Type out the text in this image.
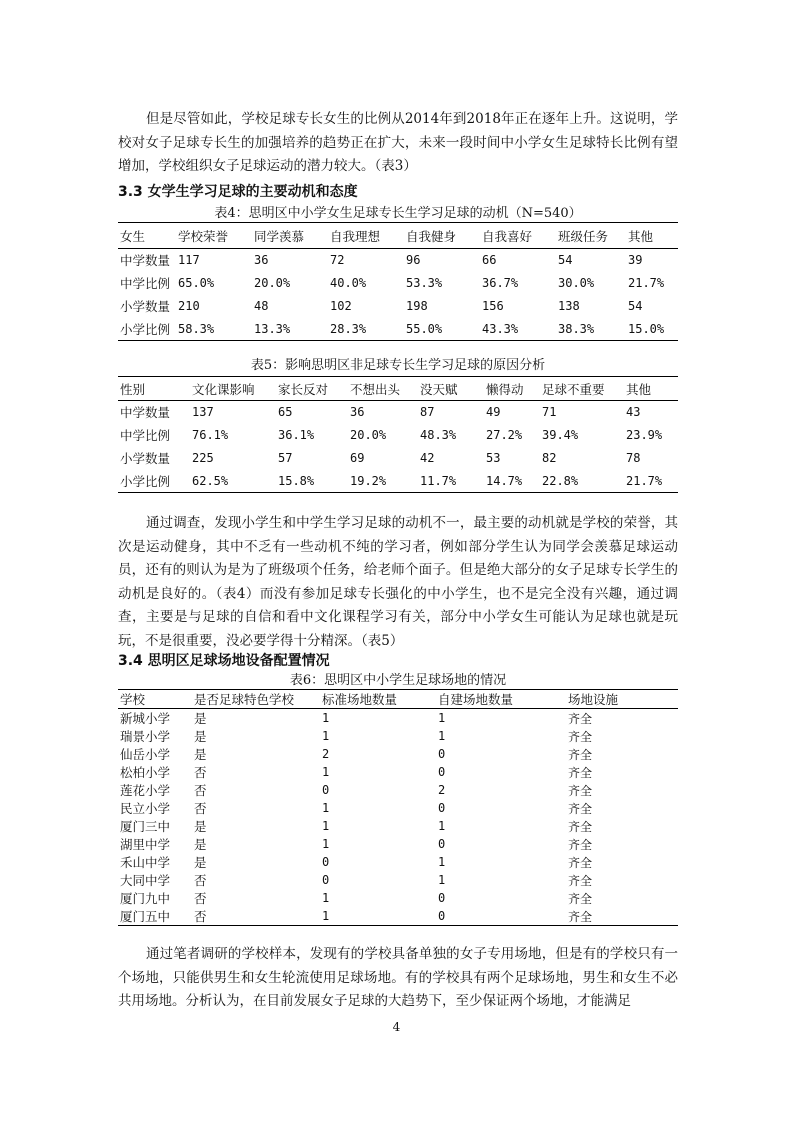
但是尽管如此，学校足球专长女生的比例从2014年到2018年正在逐年上升。这说明，学校对女子足球专长生的加强培养的趋势正在扩大，未来一段时间中小学女生足球特长比例有望增加，学校组织女子足球运动的潜力较大。（表3）

3.3 女学生学习足球的主要动机和态度

表4：思明区中小学女生足球专长生学习足球的动机（N=540）

女生	学校荣誉	同学羡慕	自我理想	自我健身	自我喜好	班级任务	其他
中学数量	117	36	72	96	66	54	39
中学比例	65.0%	20.0%	40.0%	53.3%	36.7%	30.0%	21.7%
小学数量	210	48	102	198	156	138	54
小学比例	58.3%	13.3%	28.3%	55.0%	43.3%	38.3%	15.0%

表5：影响思明区非足球专长生学习足球的原因分析

性别	文化课影响	家长反对	不想出头	没天赋	懒得动	足球不重要	其他
中学数量	137	65	36	87	49	71	43
中学比例	76.1%	36.1%	20.0%	48.3%	27.2%	39.4%	23.9%
小学数量	225	57	69	42	53	82	78
小学比例	62.5%	15.8%	19.2%	11.7%	14.7%	22.8%	21.7%

通过调查，发现小学生和中学生学习足球的动机不一，最主要的动机就是学校的荣誉，其次是运动健身，其中不乏有一些动机不纯的学习者，例如部分学生认为同学会羡慕足球运动员，还有的则认为是为了班级项个任务，给老师个面子。但是绝大部分的女子足球专长学生的动机是良好的。（表4）而没有参加足球专长强化的中小学生，也不是完全没有兴趣，通过调查，主要是与足球的自信和看中文化课程学习有关，部分中小学女生可能认为足球也就是玩玩，不是很重要，没必要学得十分精深。（表5）

3.4 思明区足球场地设备配置情况

表6：思明区中小学生足球场地的情况

学校	是否足球特色学校	标准场地数量	自建场地数量	场地设施
新城小学	是	1	1	齐全
瑞景小学	是	1	1	齐全
仙岳小学	是	2	0	齐全
松柏小学	否	1	0	齐全
莲花小学	否	0	2	齐全
民立小学	否	1	0	齐全
厦门三中	是	1	1	齐全
湖里中学	是	1	0	齐全
禾山中学	是	0	1	齐全
大同中学	否	0	1	齐全
厦门九中	否	1	0	齐全
厦门五中	否	1	0	齐全

通过笔者调研的学校样本，发现有的学校具备单独的女子专用场地，但是有的学校只有一个场地，只能供男生和女生轮流使用足球场地。有的学校具有两个足球场地，男生和女生不必共用场地。分析认为，在目前发展女子足球的大趋势下，至少保证两个场地，才能满足

4
